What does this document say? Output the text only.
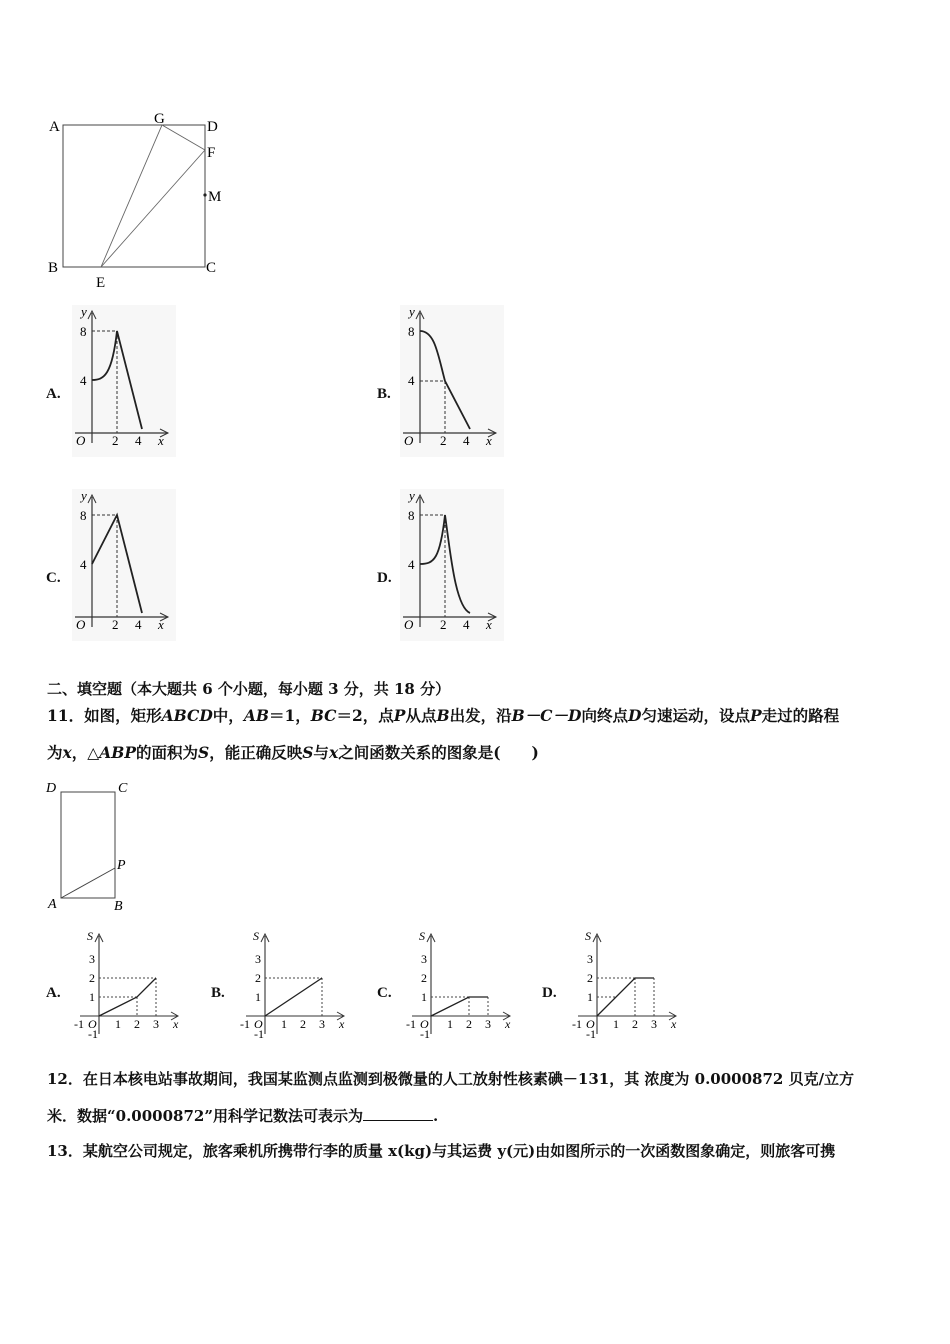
A	G	D
F
M
B
E
C
A.	B.
C.	D.
y
x
O
8
4
2 4
y
x
O
8
4
2 4
y
x
O
8
4
2 4
y
x
O
8
4
2 4
二、填空题（本大题共 6 个小题，每小题 3 分，共 18 分）
11．如图，矩形ABCD中，AB＝1，BC＝2，点P从点B出发，沿B－C－D向终点D匀速运动，设点P走过的路程
为x，△ABP的面积为S，能正确反映S与x之间函数关系的图象是(　　)
D	C
P
A	B
A.	B.	C.	D.
S
x
-1 O
-1
1
2
3
1 2 3
S
x
-1 O
-1
1
2
3
1 2 3
S
x
-1 O
-1
1
2
3
1 2 3
S
x
-1 O
-1
1
2
3
1 2 3
12．在日本核电站事故期间，我国某监测点监测到极微量的人工放射性核素碘－131，其 浓度为 0.0000872 贝克/立方
米．数据“0.0000872”用科学记数法可表示为	.
13．某航空公司规定，旅客乘机所携带行李的质量 x(kg)与其运费 y(元)由如图所示的一次函数图象确定，则旅客可携
